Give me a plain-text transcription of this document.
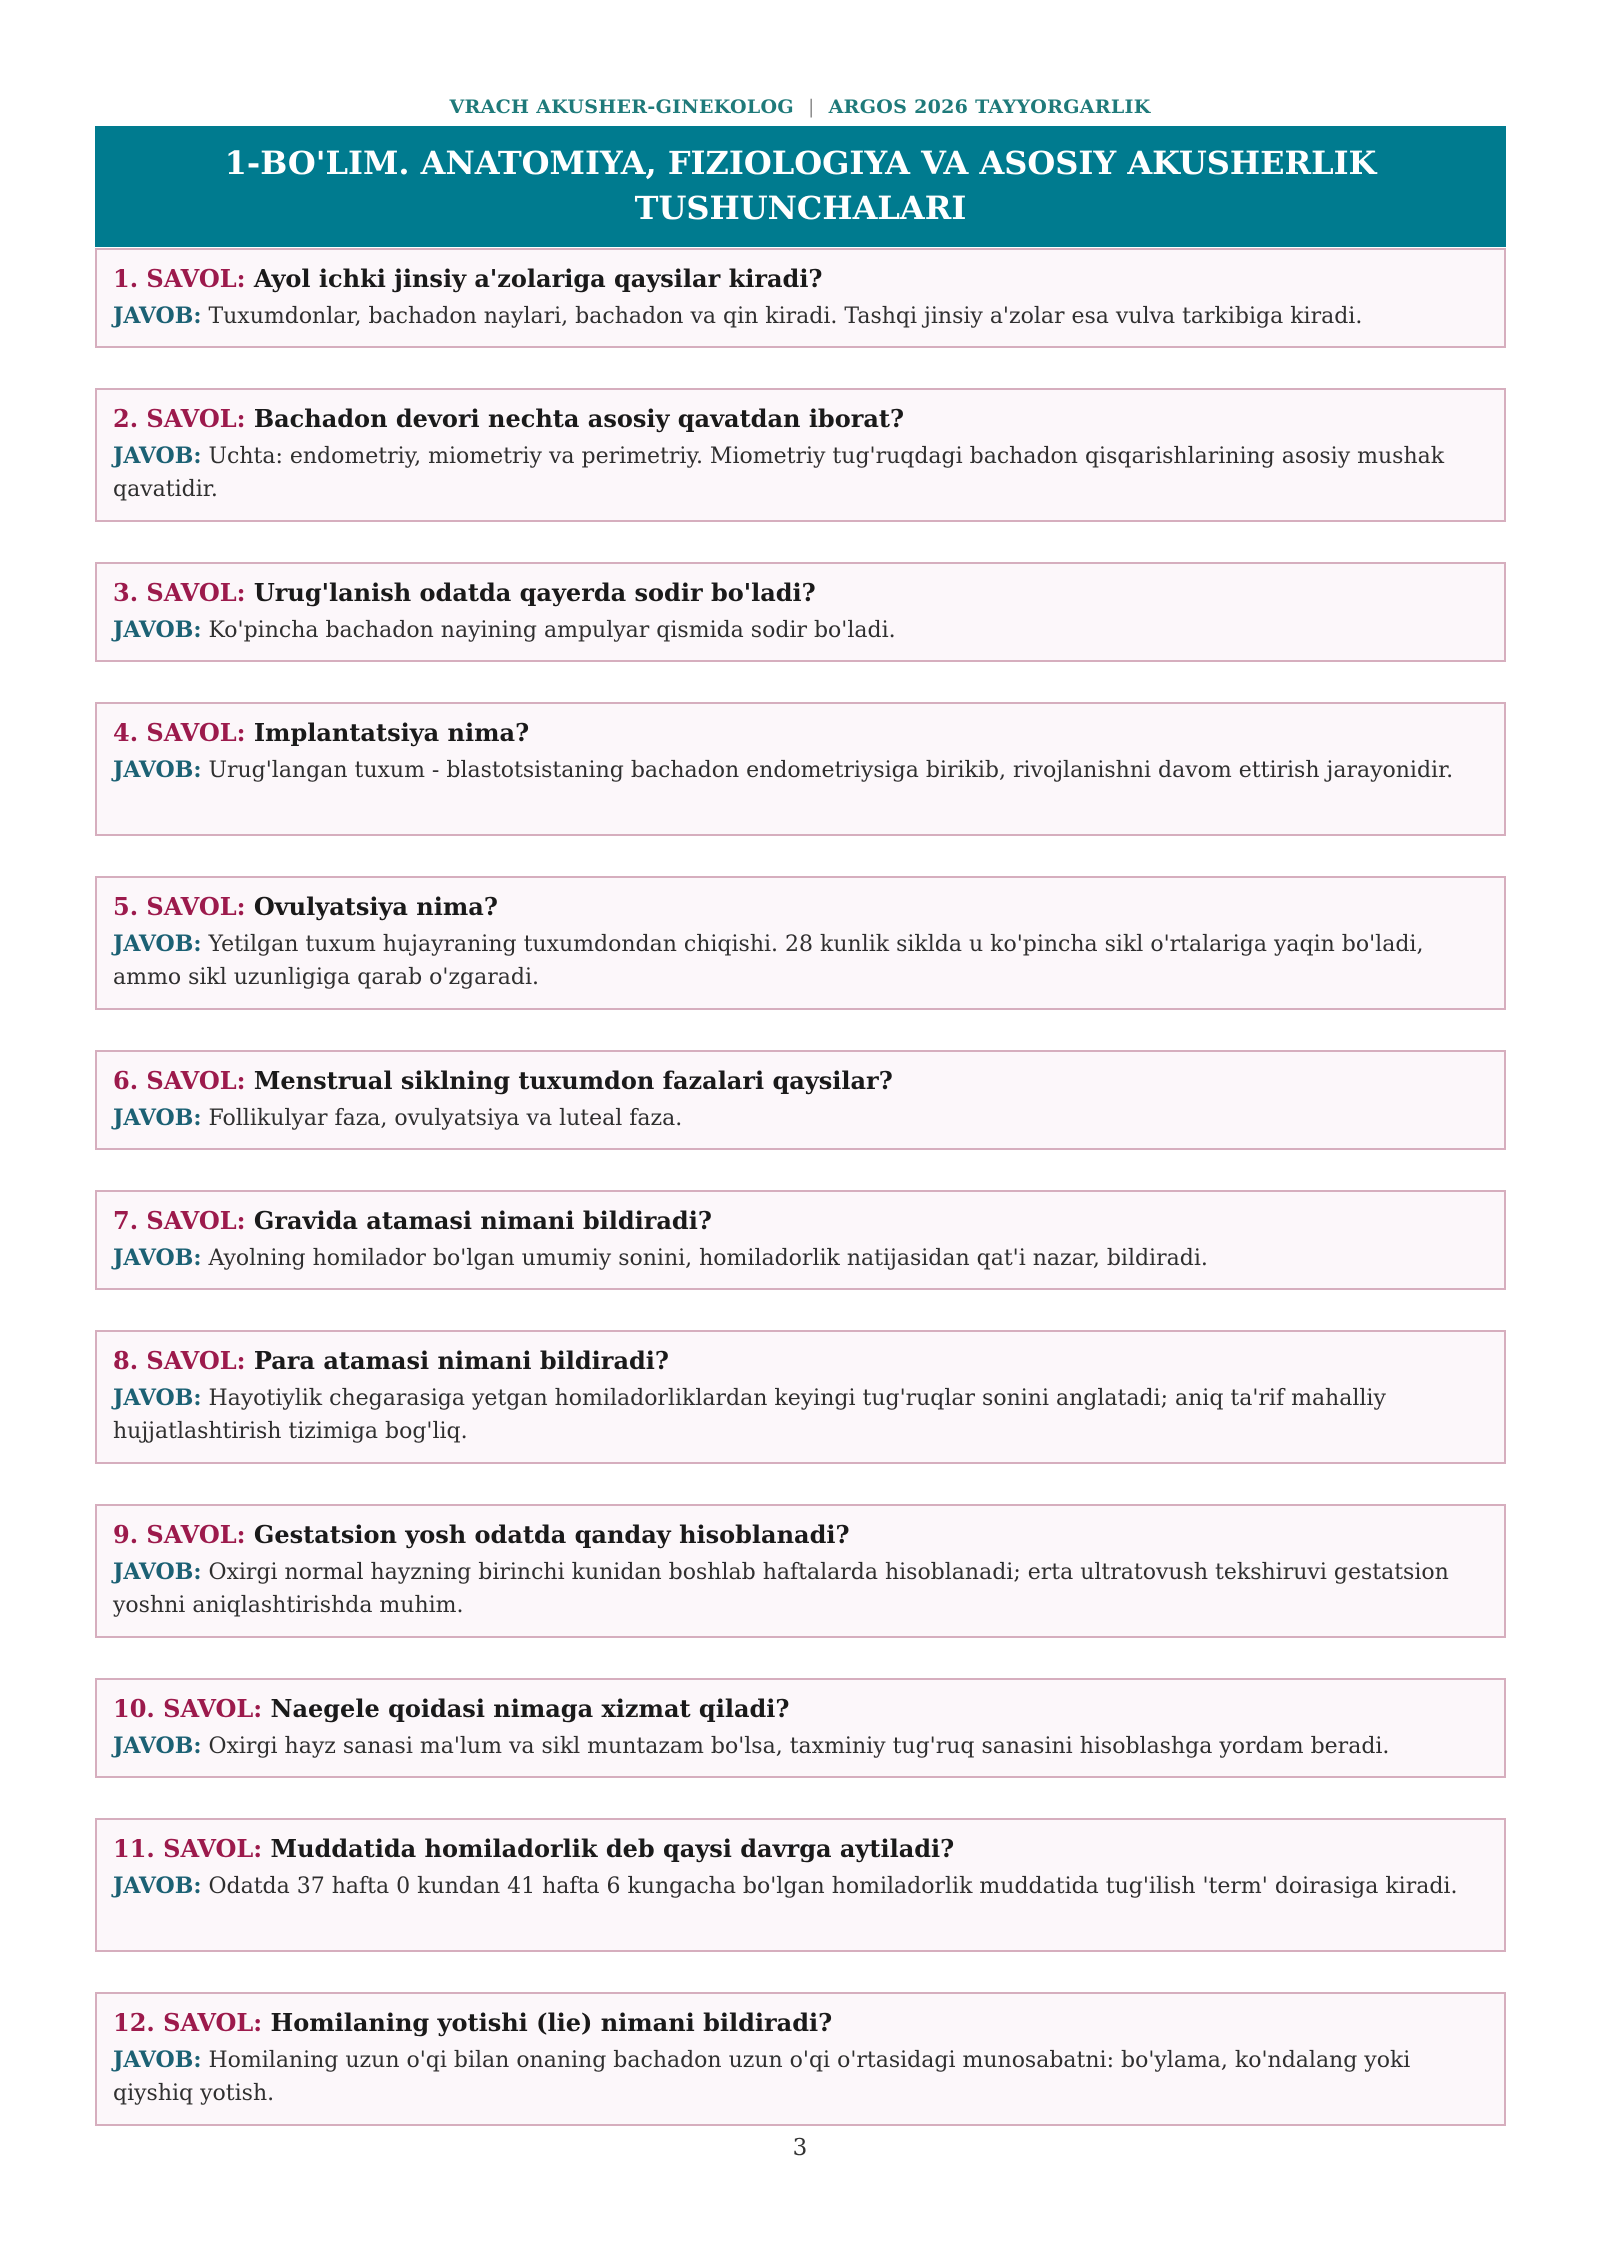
VRACH AKUSHER-GINEKOLOG | ARGOS 2026 TAYYORGARLIK
1-BO'LIM. ANATOMIYA, FIZIOLOGIYA VA ASOSIY AKUSHERLIK
TUSHUNCHALARI

1. SAVOL: Ayol ichki jinsiy a'zolariga qaysilar kiradi?

JAVOB: Tuxumdonlar, bachadon naylari, bachadon va qin kiradi. Tashqi jinsiy a'zolar esa vulva tarkibiga kiradi.

2. SAVOL: Bachadon devori nechta asosiy qavatdan iborat?

JAVOB: Uchta: endometriy, miometriy va perimetriy. Miometriy tug'ruqdagi bachadon qisqarishlarining asosiy mushak qavatidir.

3. SAVOL: Urug'lanish odatda qayerda sodir bo'ladi?

JAVOB: Ko'pincha bachadon nayining ampulyar qismida sodir bo'ladi.

4. SAVOL: Implantatsiya nima?

JAVOB: Urug'langan tuxum - blastotsistaning bachadon endometriysiga birikib, rivojlanishni davom ettirish jarayonidir.

5. SAVOL: Ovulyatsiya nima?

JAVOB: Yetilgan tuxum hujayraning tuxumdondan chiqishi. 28 kunlik siklda u ko'pincha sikl o'rtalariga yaqin bo'ladi, ammo sikl uzunligiga qarab o'zgaradi.

6. SAVOL: Menstrual siklning tuxumdon fazalari qaysilar?

JAVOB: Follikulyar faza, ovulyatsiya va luteal faza.

7. SAVOL: Gravida atamasi nimani bildiradi?

JAVOB: Ayolning homilador bo'lgan umumiy sonini, homiladorlik natijasidan qat'i nazar, bildiradi.

8. SAVOL: Para atamasi nimani bildiradi?

JAVOB: Hayotiylik chegarasiga yetgan homiladorliklardan keyingi tug'ruqlar sonini anglatadi; aniq ta'rif mahalliy hujjatlashtirish tizimiga bog'liq.

9. SAVOL: Gestatsion yosh odatda qanday hisoblanadi?

JAVOB: Oxirgi normal hayzning birinchi kunidan boshlab haftalarda hisoblanadi; erta ultratovush tekshiruvi gestatsion yoshni aniqlashtirishda muhim.

10. SAVOL: Naegele qoidasi nimaga xizmat qiladi?

JAVOB: Oxirgi hayz sanasi ma'lum va sikl muntazam bo'lsa, taxminiy tug'ruq sanasini hisoblashga yordam beradi.

11. SAVOL: Muddatida homiladorlik deb qaysi davrga aytiladi?

JAVOB: Odatda 37 hafta 0 kundan 41 hafta 6 kungacha bo'lgan homiladorlik muddatida tug'ilish 'term' doirasiga kiradi.

12. SAVOL: Homilaning yotishi (lie) nimani bildiradi?

JAVOB: Homilaning uzun o'qi bilan onaning bachadon uzun o'qi o'rtasidagi munosabatni: bo'ylama, ko'ndalang yoki qiyshiq yotish.

3
